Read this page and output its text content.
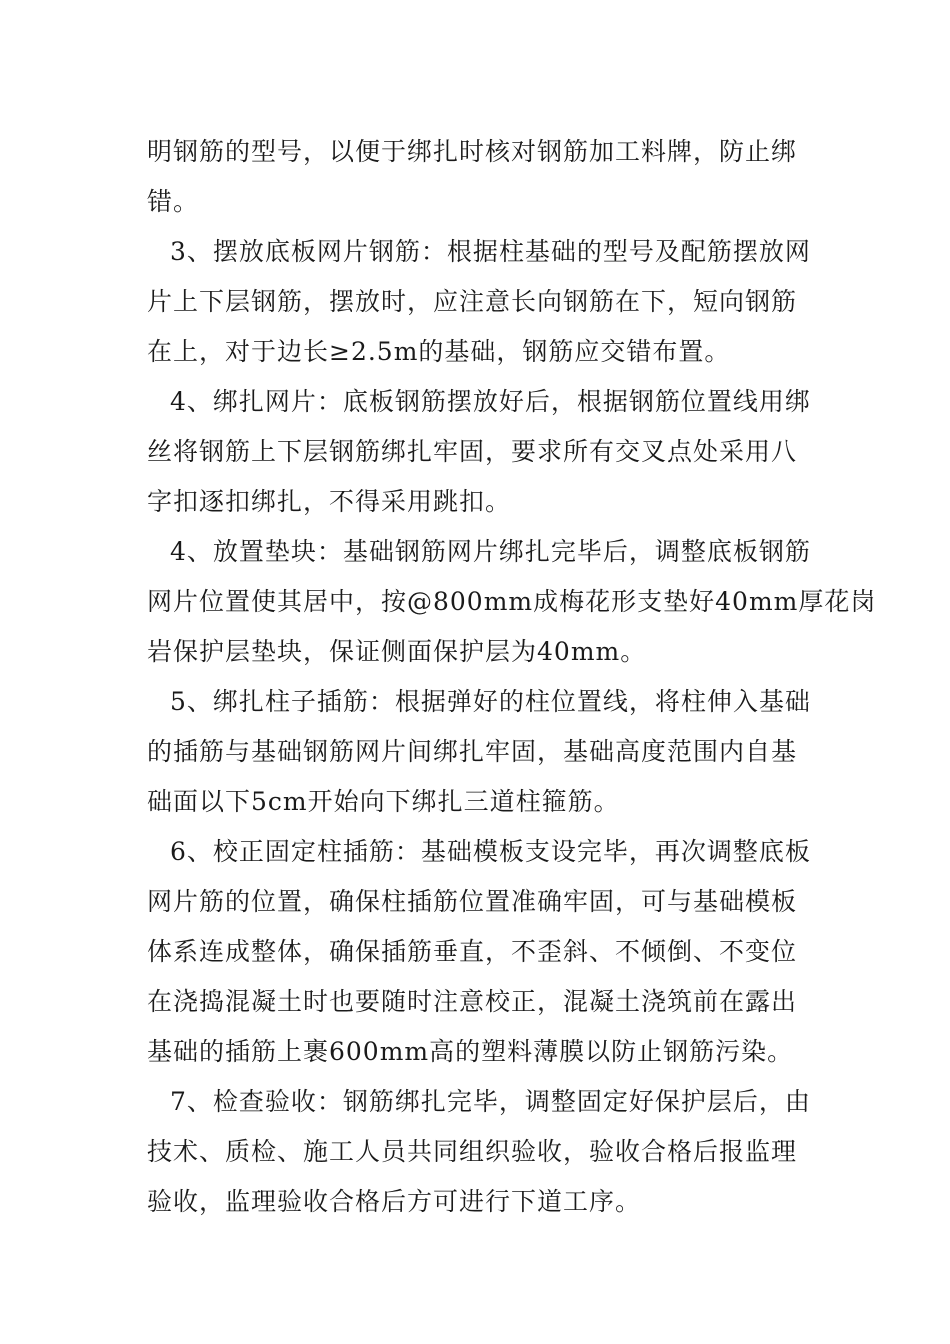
明钢筋的型号，以便于绑扎时核对钢筋加工料牌，防止绑
错。
3、摆放底板网片钢筋：根据柱基础的型号及配筋摆放网
片上下层钢筋，摆放时，应注意长向钢筋在下，短向钢筋
在上，对于边长≥2.5m的基础，钢筋应交错布置。
4、绑扎网片：底板钢筋摆放好后，根据钢筋位置线用绑
丝将钢筋上下层钢筋绑扎牢固，要求所有交叉点处采用八
字扣逐扣绑扎，不得采用跳扣。
4、放置垫块：基础钢筋网片绑扎完毕后，调整底板钢筋
网片位置使其居中，按@800mm成梅花形支垫好40mm厚花岗
岩保护层垫块，保证侧面保护层为40mm。
5、绑扎柱子插筋：根据弹好的柱位置线，将柱伸入基础
的插筋与基础钢筋网片间绑扎牢固，基础高度范围内自基
础面以下5cm开始向下绑扎三道柱箍筋。
6、校正固定柱插筋：基础模板支设完毕，再次调整底板
网片筋的位置，确保柱插筋位置准确牢固，可与基础模板
体系连成整体，确保插筋垂直，不歪斜、不倾倒、不变位
在浇捣混凝土时也要随时注意校正，混凝土浇筑前在露出
基础的插筋上裹600mm高的塑料薄膜以防止钢筋污染。
7、检查验收：钢筋绑扎完毕，调整固定好保护层后，由
技术、质检、施工人员共同组织验收，验收合格后报监理
验收，监理验收合格后方可进行下道工序。
